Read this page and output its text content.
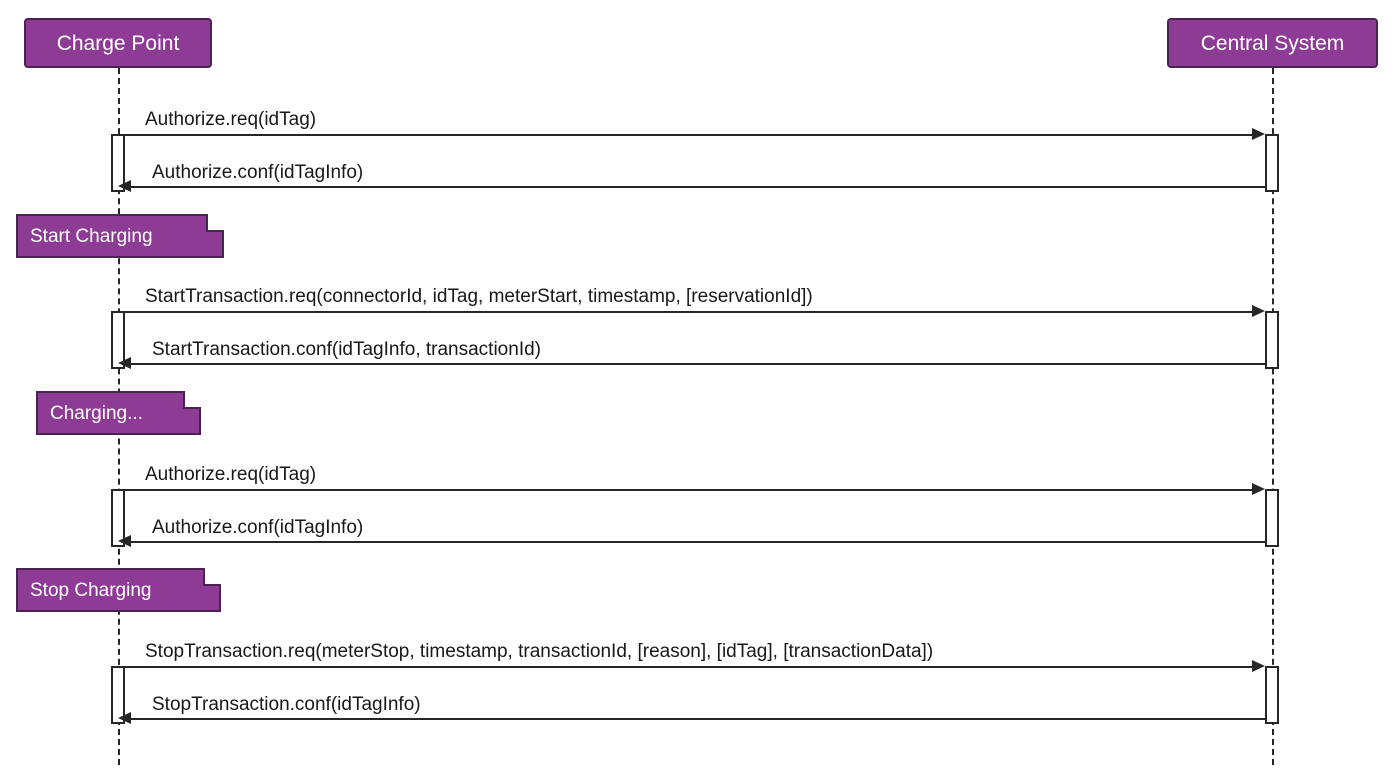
Charge Point	Central System
Authorize.req(idTag)
Authorize.conf(idTagInfo)
Start Charging
StartTransaction.req(connectorId, idTag, meterStart, timestamp, [reservationId])
StartTransaction.conf(idTagInfo, transactionId)
Charging...
Authorize.req(idTag)
Authorize.conf(idTagInfo)
Stop Charging
StopTransaction.req(meterStop, timestamp, transactionId, [reason], [idTag], [transactionData])
StopTransaction.conf(idTagInfo)
